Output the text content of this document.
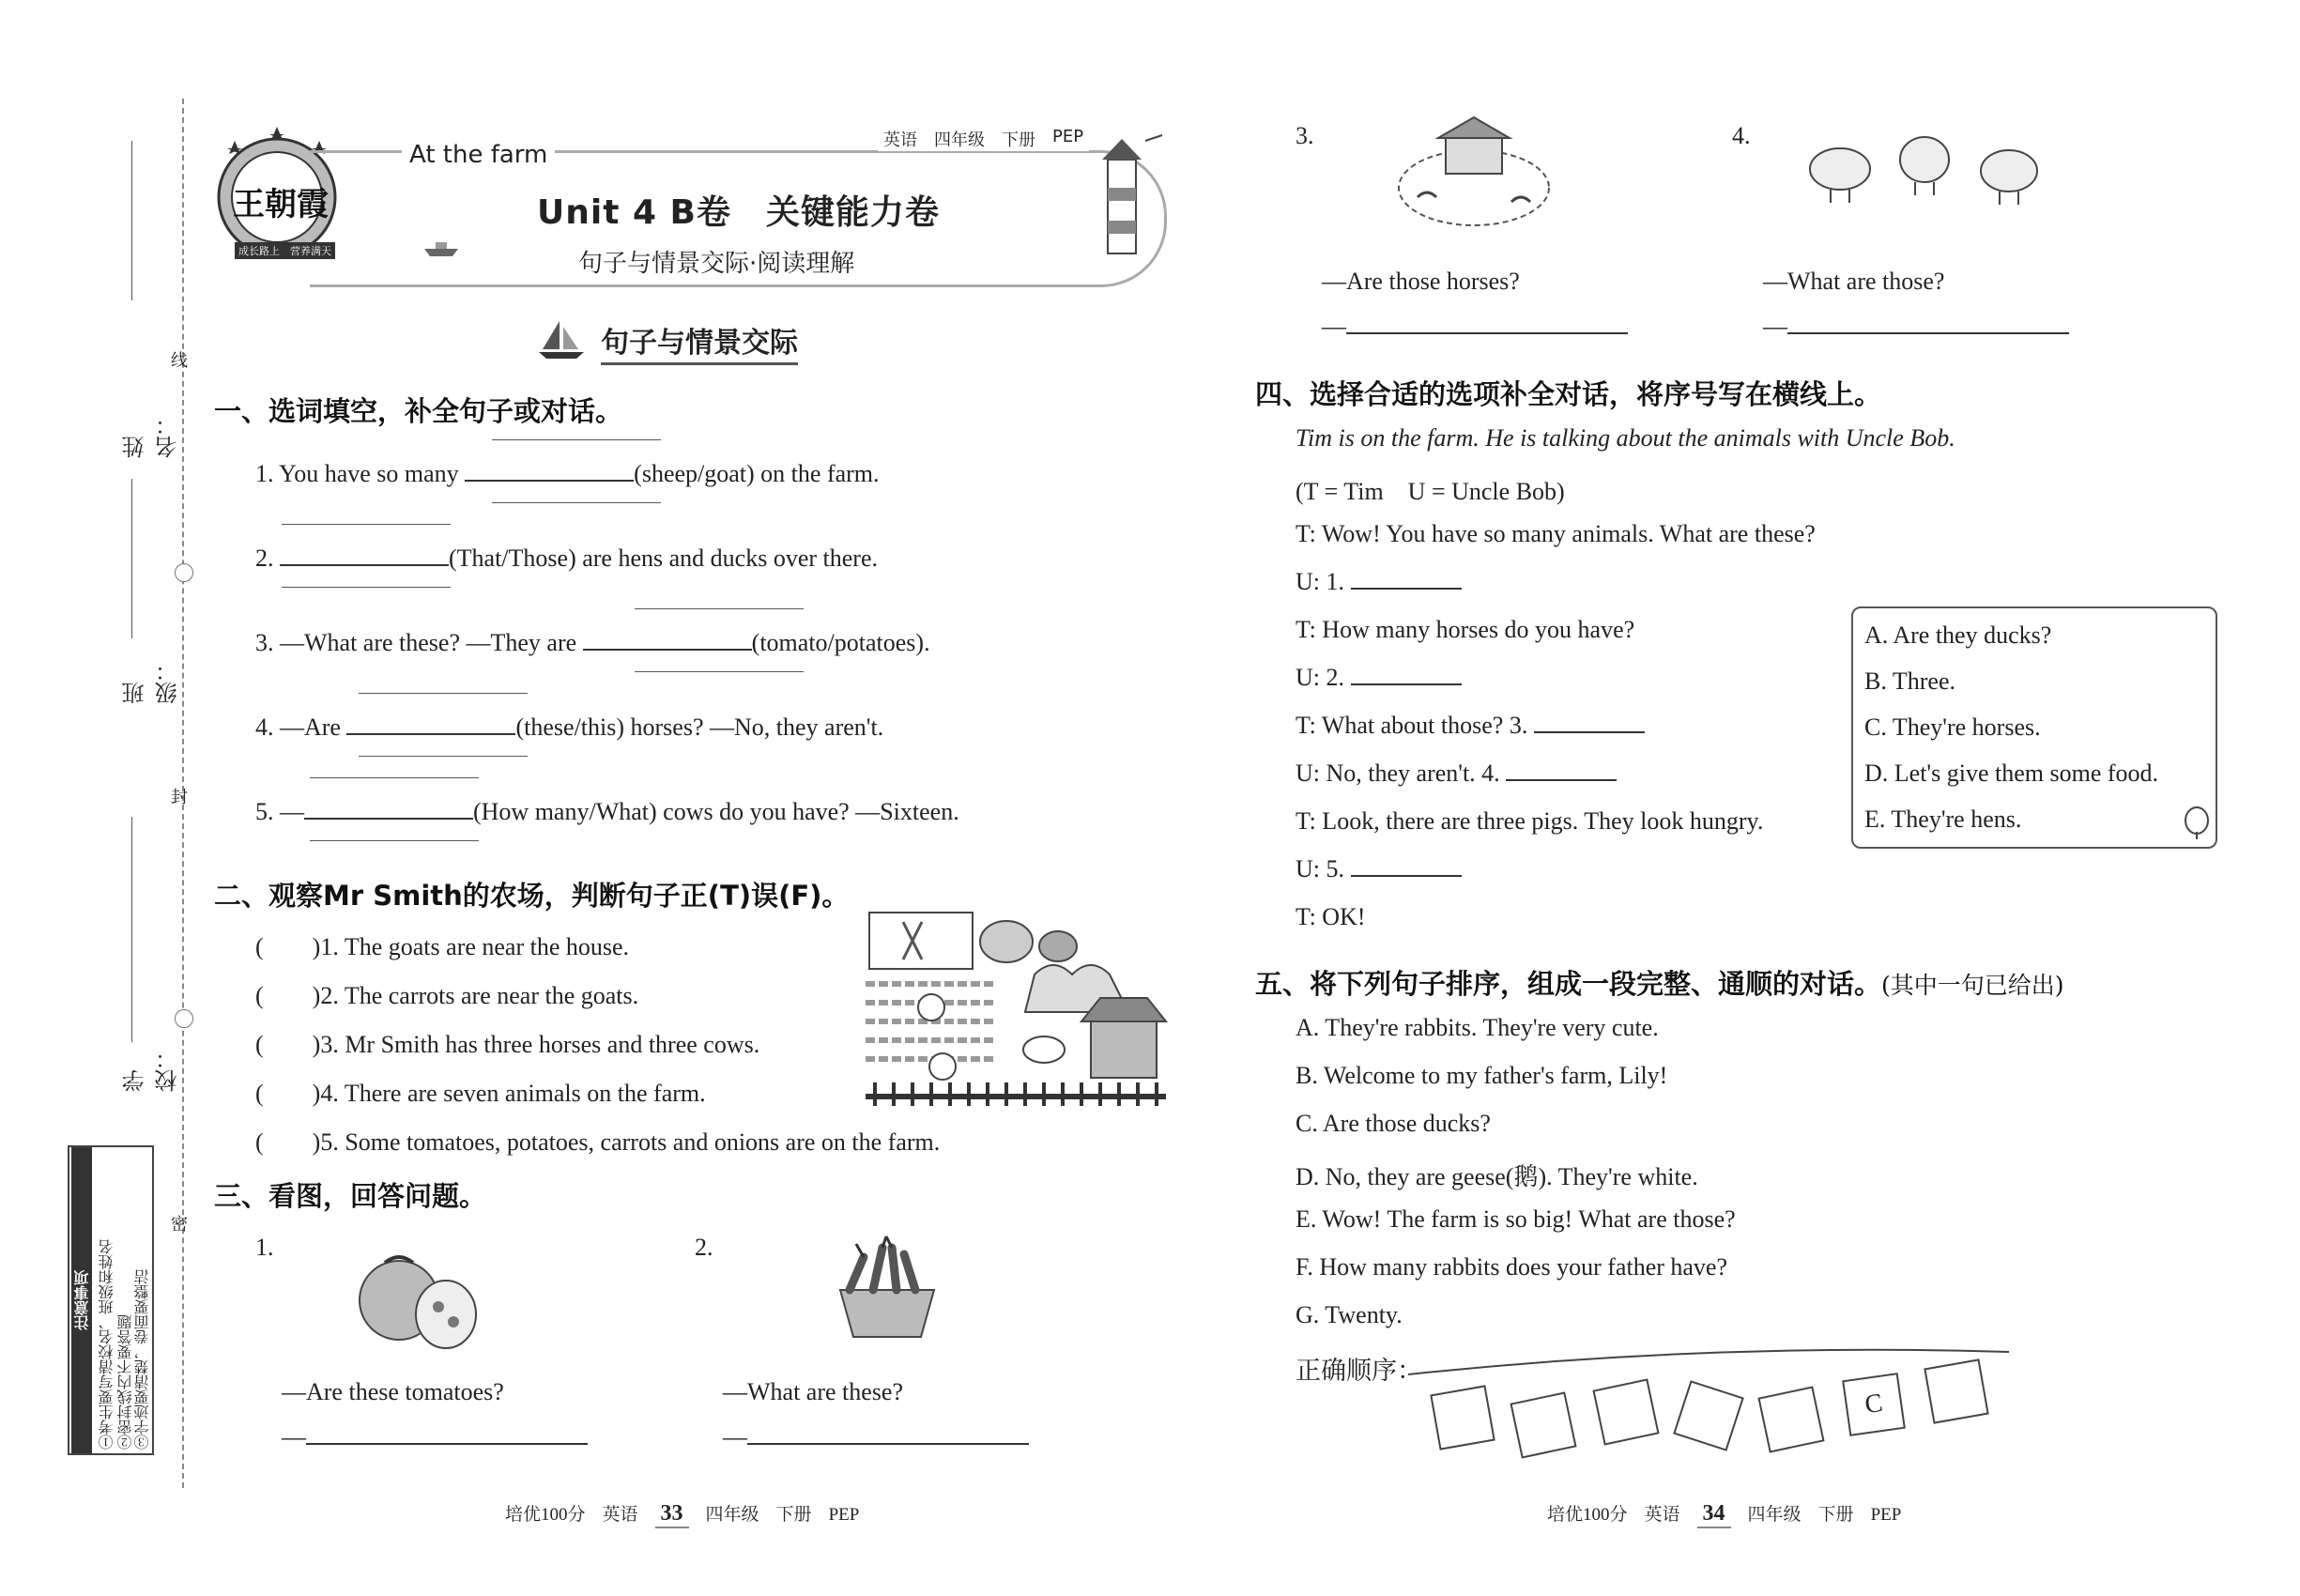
姓　名：
班　级：
学　校：
线
封
密
注意事项 ①考生要写清校名、班级和姓名 ②密封线内不要答题 ③字迹要清楚，卷面要整洁
王朝霞
成长路上　营养满天
At the farm
英语 四年级 下册 PEP
Unit 4 B卷　关键能力卷
句子与情景交际·阅读理解
句子与情景交际
一、选词填空，补全句子或对话。
1. You have so many	(sheep/goat) on the farm.
2.	(That/Those) are hens and ducks over there.
3. —What are these? —They are	(tomato/potatoes).
4. —Are	(these/this) horses? —No, they aren't.
5. —	(How many/What) cows do you have? —Sixteen.
二、观察Mr Smith的农场，判断句子正(T)误(F)。
(　　)1. The goats are near the house.
(　　)2. The carrots are near the goats.
(　　)3. Mr Smith has three horses and three cows.
(　　)4. There are seven animals on the farm.
(　　)5. Some tomatoes, potatoes, carrots and onions are on the farm.
三、看图，回答问题。
1.
—Are these tomatoes?
—
2.
—What are these?
—
3.
—Are those horses?
—
4.
—What are those?
—
四、选择合适的选项补全对话，将序号写在横线上。
Tim is on the farm. He is talking about the animals with Uncle Bob.
(T = Tim　U = Uncle Bob)
T: Wow! You have so many animals. What are these?
U: 1.
T: How many horses do you have?
U: 2.
T: What about those? 3.
U: No, they aren't. 4.
T: Look, there are three pigs. They look hungry.
U: 5.
T: OK!
A. Are they ducks?
B. Three.
C. They're horses.
D. Let's give them some food.
E. They're hens.
五、将下列句子排序，组成一段完整、通顺的对话。(其中一句已给出)
A. They're rabbits. They're very cute.
B. Welcome to my father's farm, Lily!
C. Are those ducks?
D. No, they are geese(鹅). They're white.
E. Wow! The farm is so big! What are those?
F. How many rabbits does your father have?
G. Twenty.
正确顺序：
C
培优100分 英语 33	四年级 下册 PEP	培优100分 英语 34	四年级 下册 PEP
